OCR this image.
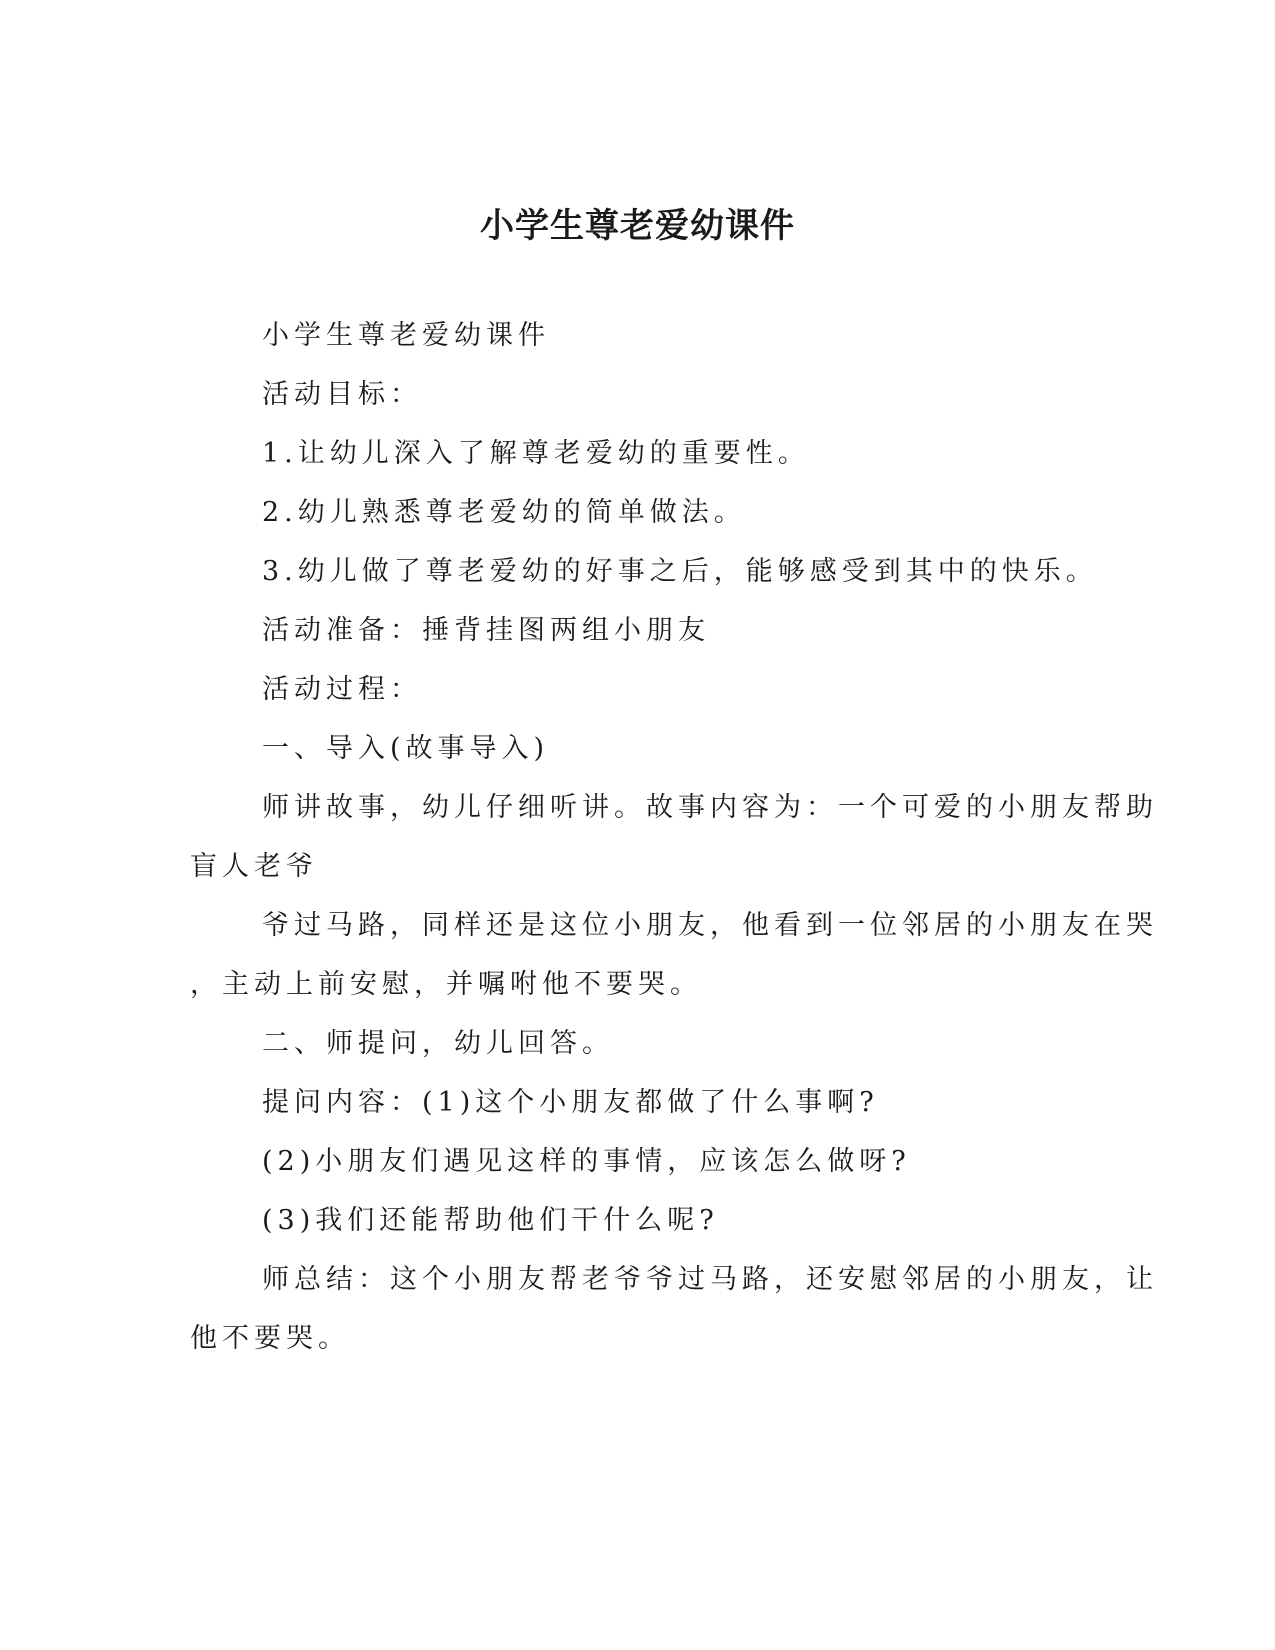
小学生尊老爱幼课件
小学生尊老爱幼课件
活动目标：
1.让幼儿深入了解尊老爱幼的重要性。
2.幼儿熟悉尊老爱幼的简单做法。
3.幼儿做了尊老爱幼的好事之后，能够感受到其中的快乐。
活动准备：捶背挂图两组小朋友
活动过程：
一、导入(故事导入)
师讲故事，幼儿仔细听讲。故事内容为：一个可爱的小朋友帮助
盲人老爷
爷过马路，同样还是这位小朋友，他看到一位邻居的小朋友在哭
，主动上前安慰，并嘱咐他不要哭。
二、师提问，幼儿回答。
提问内容：(1)这个小朋友都做了什么事啊?
(2)小朋友们遇见这样的事情，应该怎么做呀?
(3)我们还能帮助他们干什么呢?
师总结：这个小朋友帮老爷爷过马路，还安慰邻居的小朋友，让
他不要哭。
